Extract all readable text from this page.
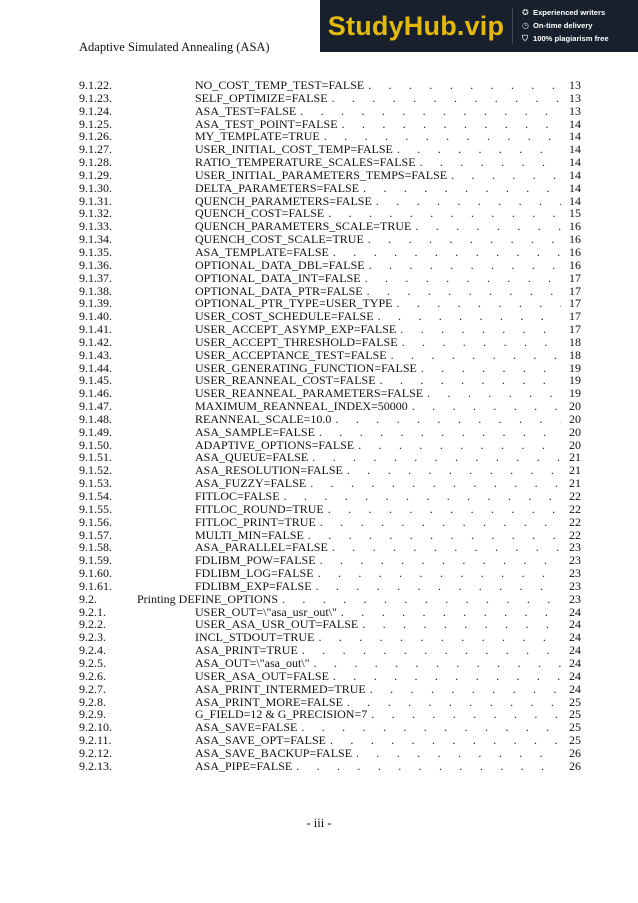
Adaptive Simulated Annealing (ASA)
StudyHub.vip	✪ Experienced writers
◷ On-time delivery
⛉ 100% plagiarism free
9.1.22.	NO_COST_TEMP_TEST=FALSE . . .	13
9.1.23.	SELF_OPTIMIZE=FALSE . . .	13
9.1.24.	ASA_TEST=FALSE . . .	13
9.1.25.	ASA_TEST_POINT=FALSE . . .	14
9.1.26.	MY_TEMPLATE=TRUE . . .	14
9.1.27.	USER_INITIAL_COST_TEMP=FALSE . . .	14
9.1.28.	RATIO_TEMPERATURE_SCALES=FALSE . . .	14
9.1.29.	USER_INITIAL_PARAMETERS_TEMPS=FALSE . . .	14
9.1.30.	DELTA_PARAMETERS=FALSE . . .	14
9.1.31.	QUENCH_PARAMETERS=FALSE . . .	14
9.1.32.	QUENCH_COST=FALSE . . .	15
9.1.33.	QUENCH_PARAMETERS_SCALE=TRUE . . .	16
9.1.34.	QUENCH_COST_SCALE=TRUE . . .	16
9.1.35.	ASA_TEMPLATE=FALSE . . .	16
9.1.36.	OPTIONAL_DATA_DBL=FALSE . . .	16
9.1.37.	OPTIONAL_DATA_INT=FALSE . . .	17
9.1.38.	OPTIONAL_DATA_PTR=FALSE . . .	17
9.1.39.	OPTIONAL_PTR_TYPE=USER_TYPE . . .	17
9.1.40.	USER_COST_SCHEDULE=FALSE . . .	17
9.1.41.	USER_ACCEPT_ASYMP_EXP=FALSE . . .	17
9.1.42.	USER_ACCEPT_THRESHOLD=FALSE . . .	18
9.1.43.	USER_ACCEPTANCE_TEST=FALSE . . .	18
9.1.44.	USER_GENERATING_FUNCTION=FALSE . . .	19
9.1.45.	USER_REANNEAL_COST=FALSE . . .	19
9.1.46.	USER_REANNEAL_PARAMETERS=FALSE . . .	19
9.1.47.	MAXIMUM_REANNEAL_INDEX=50000 . . .	20
9.1.48.	REANNEAL_SCALE=10.0 . . .	20
9.1.49.	ASA_SAMPLE=FALSE . . .	20
9.1.50.	ADAPTIVE_OPTIONS=FALSE . . .	20
9.1.51.	ASA_QUEUE=FALSE . . .	21
9.1.52.	ASA_RESOLUTION=FALSE . . .	21
9.1.53.	ASA_FUZZY=FALSE . . .	21
9.1.54.	FITLOC=FALSE . . .	22
9.1.55.	FITLOC_ROUND=TRUE . . .	22
9.1.56.	FITLOC_PRINT=TRUE . . .	22
9.1.57.	MULTI_MIN=FALSE . . .	22
9.1.58.	ASA_PARALLEL=FALSE . . .	23
9.1.59.	FDLIBM_POW=FALSE . . .	23
9.1.60.	FDLIBM_LOG=FALSE . . .	23
9.1.61.	FDLIBM_EXP=FALSE . . .	23
9.2.	Printing DEFINE_OPTIONS . . .	23
9.2.1.	USER_OUT=\"asa_usr_out\" . . .	24
9.2.2.	USER_ASA_USR_OUT=FALSE . . .	24
9.2.3.	INCL_STDOUT=TRUE . . .	24
9.2.4.	ASA_PRINT=TRUE . . .	24
9.2.5.	ASA_OUT=\"asa_out\" . . .	24
9.2.6.	USER_ASA_OUT=FALSE . . .	24
9.2.7.	ASA_PRINT_INTERMED=TRUE . . .	24
9.2.8.	ASA_PRINT_MORE=FALSE . . .	25
9.2.9.	G_FIELD=12 & G_PRECISION=7 . . .	25
9.2.10.	ASA_SAVE=FALSE . . .	25
9.2.11.	ASA_SAVE_OPT=FALSE . . .	25
9.2.12.	ASA_SAVE_BACKUP=FALSE . . .	26
9.2.13.	ASA_PIPE=FALSE . . .	26
- iii -
